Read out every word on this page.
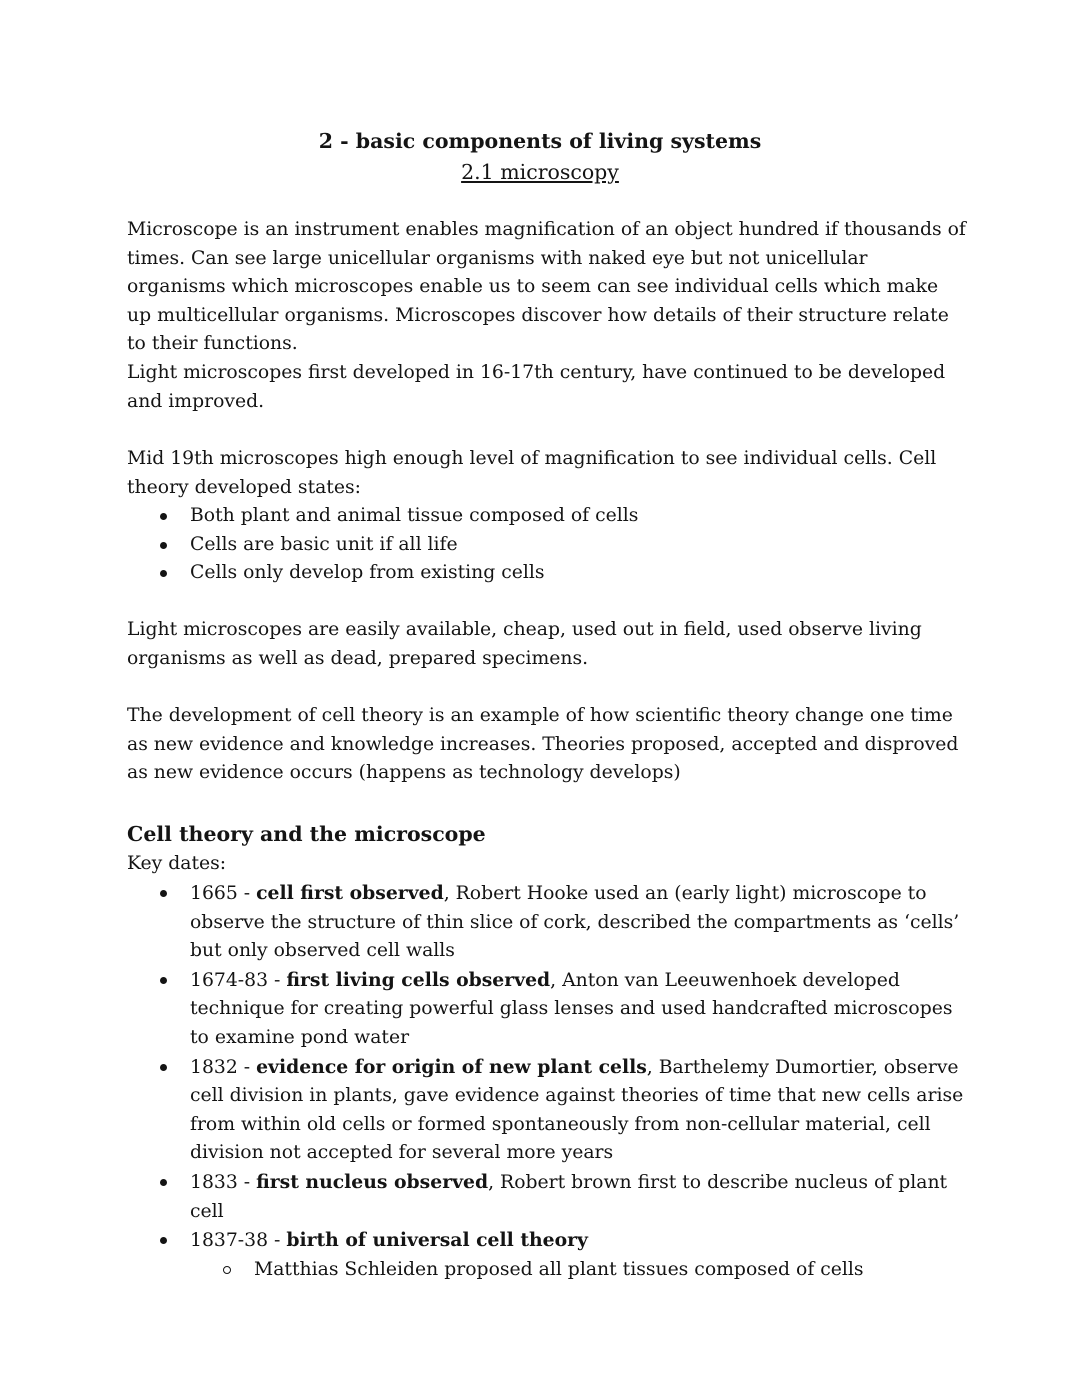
2 - basic components of living systems
2.1 microscopy

Microscope is an instrument enables magnification of an object hundred if thousands of times. Can see large unicellular organisms with naked eye but not unicellular organisms which microscopes enable us to seem can see individual cells which make up multicellular organisms. Microscopes discover how details of their structure relate to their functions.

Light microscopes first developed in 16-17th century, have continued to be developed and improved.

Mid 19th microscopes high enough level of magnification to see individual cells. Cell theory developed states:

Both plant and animal tissue composed of cells
Cells are basic unit if all life
Cells only develop from existing cells

Light microscopes are easily available, cheap, used out in field, used observe living organisms as well as dead, prepared specimens.

The development of cell theory is an example of how scientific theory change one time as new evidence and knowledge increases. Theories proposed, accepted and disproved as new evidence occurs (happens as technology develops)

Cell theory and the microscope

Key dates:

1665 - cell first observed, Robert Hooke used an (early light) microscope to observe the structure of thin slice of cork, described the compartments as ‘cells’ but only observed cell walls
1674-83 - first living cells observed, Anton van Leeuwenhoek developed technique for creating powerful glass lenses and used handcrafted microscopes to examine pond water
1832 - evidence for origin of new plant cells, Barthelemy Dumortier, observe cell division in plants, gave evidence against theories of time that new cells arise from within old cells or formed spontaneously from non-cellular material, cell division not accepted for several more years
1833 - first nucleus observed, Robert brown first to describe nucleus of plant cell
1837-38 - birth of universal cell theory
Matthias Schleiden proposed all plant tissues composed of cells
